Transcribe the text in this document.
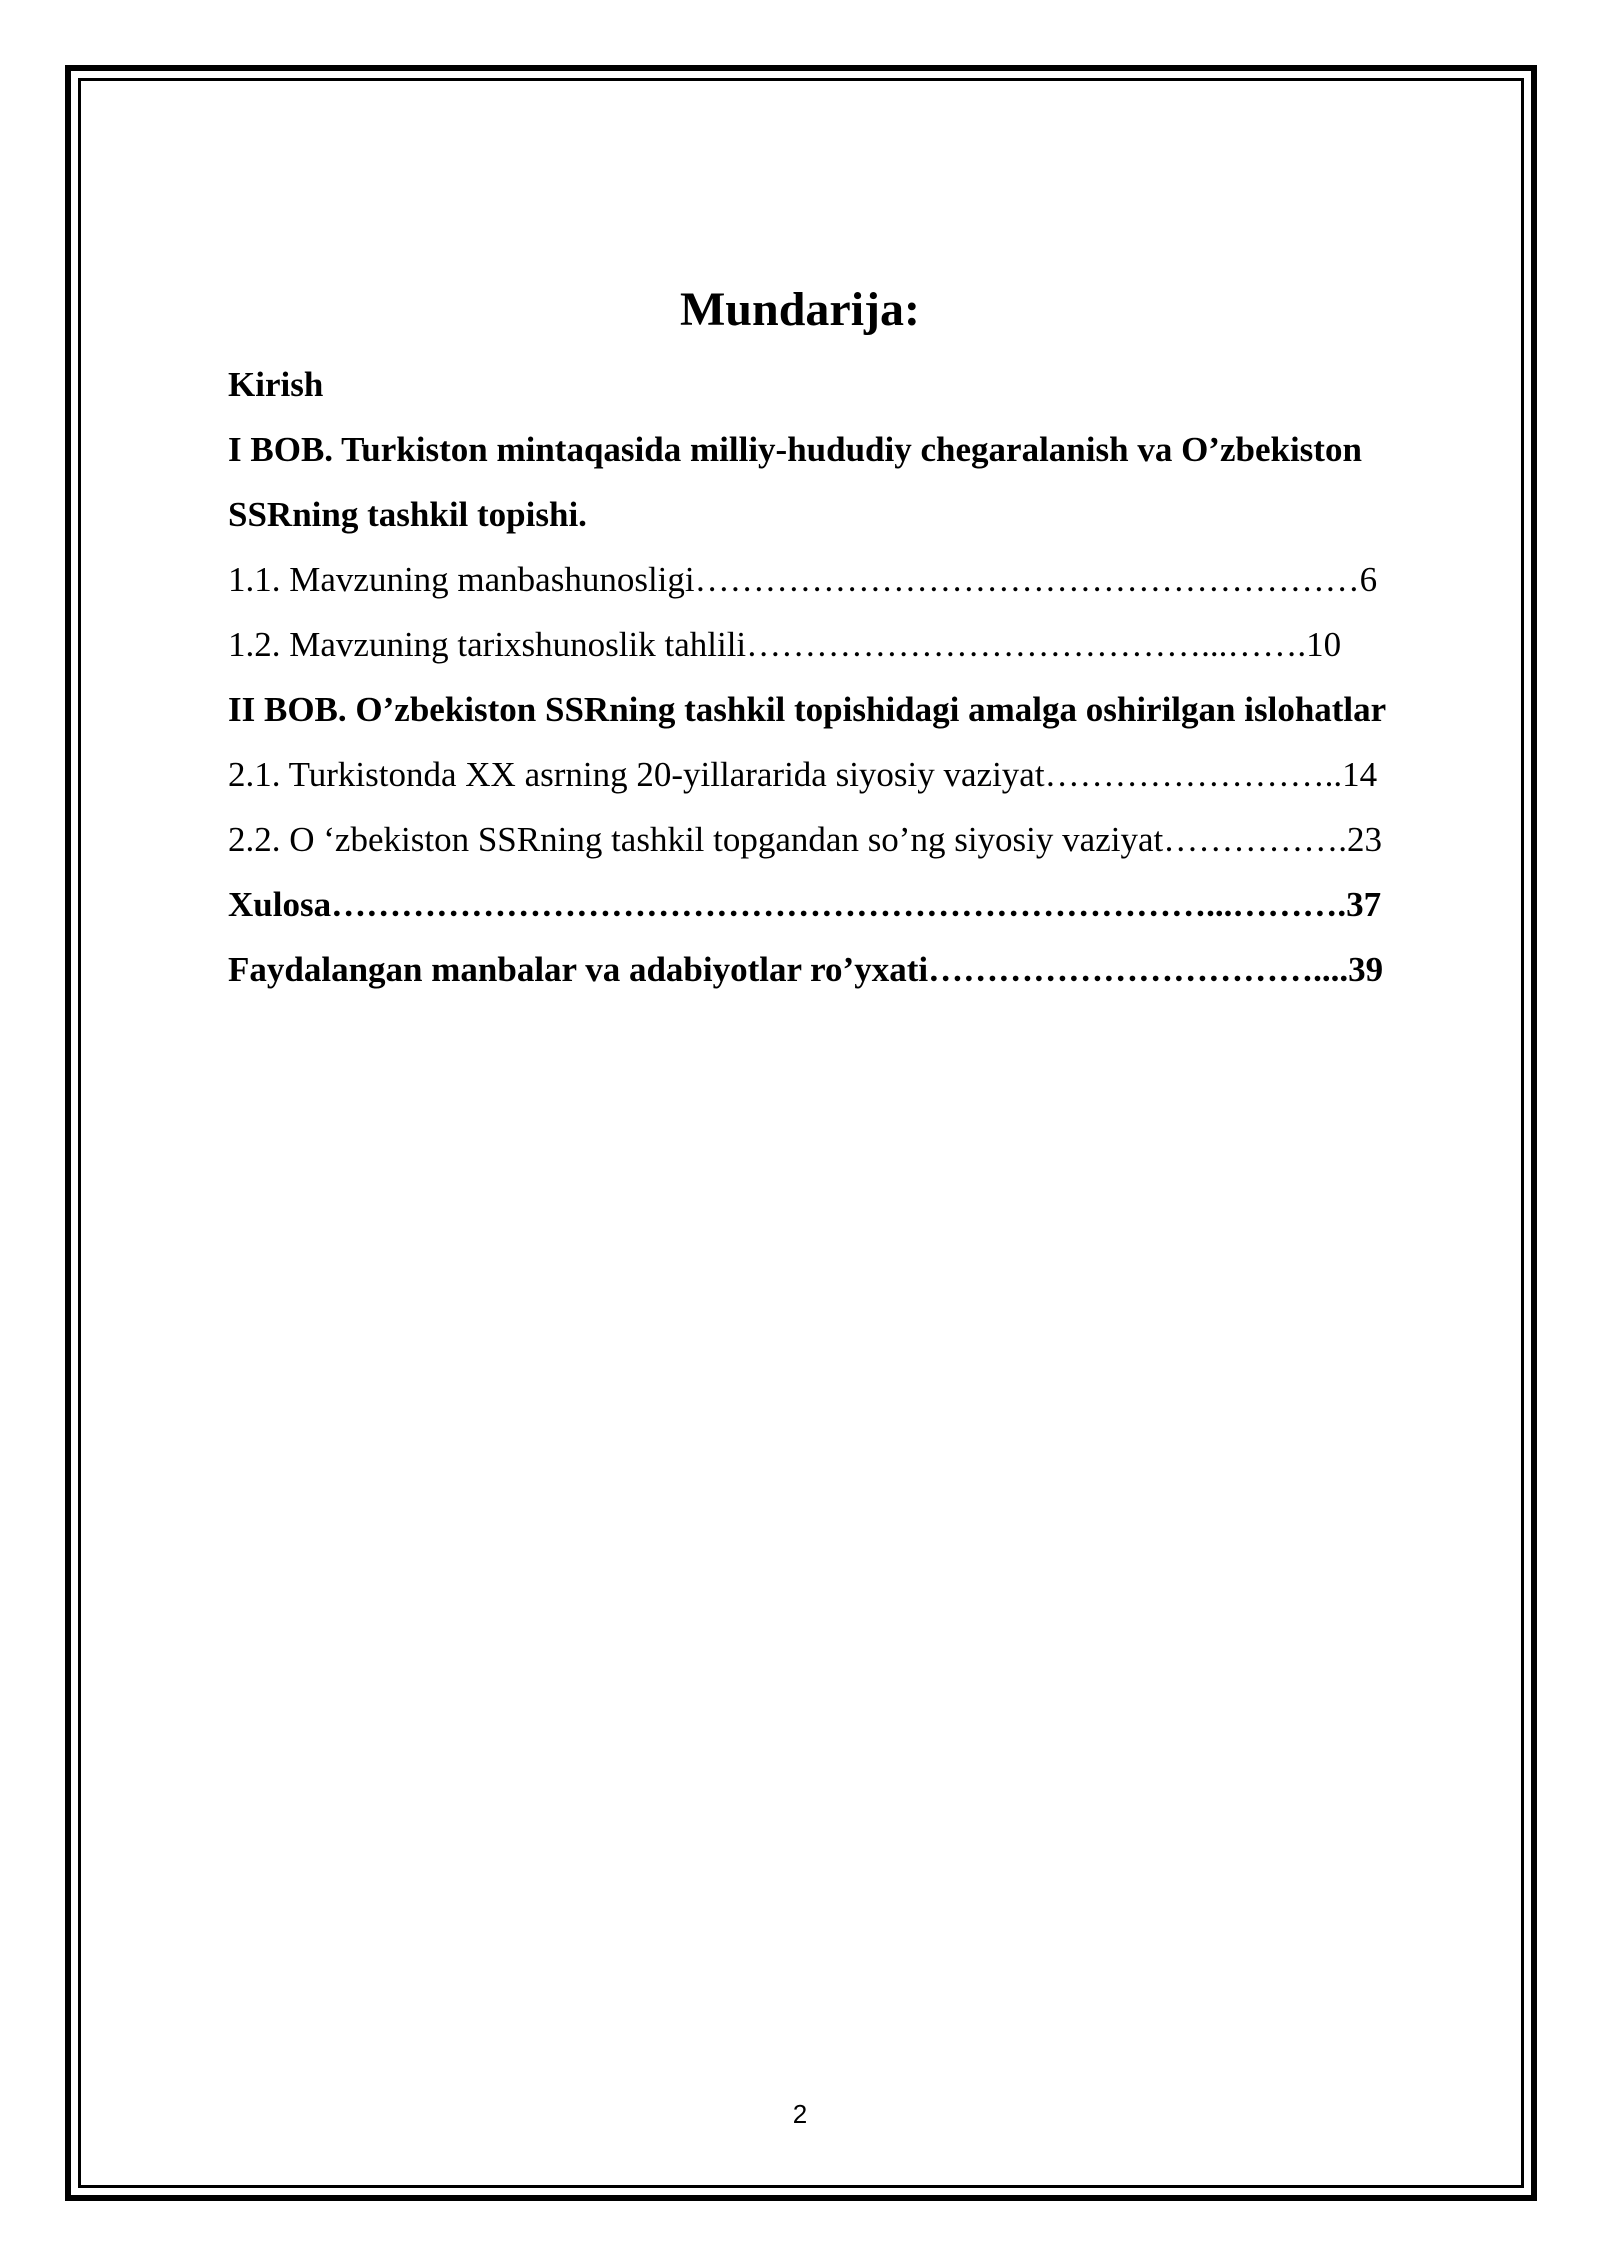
Mundarija:
Kirish
I BOB. Turkiston mintaqasida milliy-hududiy chegaralanish va O’zbekiston
SSRning tashkil topishi.
1.1. Mavzuning manbashunosligi…………………………………………………6
1.2. Mavzuning tarixshunoslik tahlili…………………………………...…….10
II BOB. O’zbekiston SSRning tashkil topishidagi amalga oshirilgan islohatlar
2.1. Turkistonda XX asrning 20-yillararida siyosiy vaziyat……………………..14
2.2. O ‘zbekiston SSRning tashkil topgandan so’ng siyosiy vaziyat…………….23
Xulosa…………………………………………………………………...……….37
Faydalangan manbalar va adabiyotlar ro’yxati……………………………....39
2
